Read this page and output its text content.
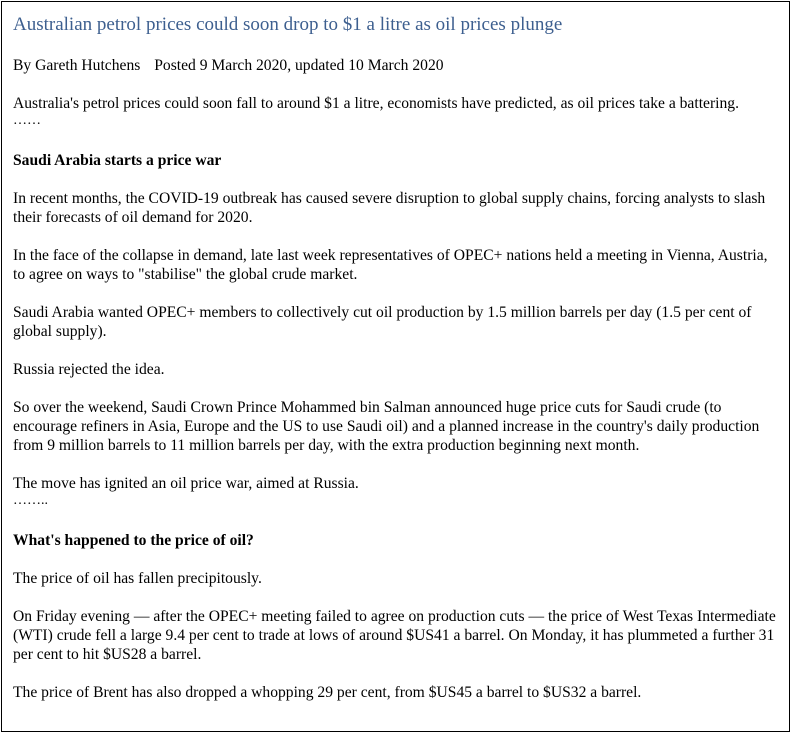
Australian petrol prices could soon drop to $1 a litre as oil prices plunge
By Gareth Hutchens Posted 9 March 2020, updated 10 March 2020

Australia's petrol prices could soon fall to around $1 a litre, economists have predicted, as oil prices take a battering.

……
Saudi Arabia starts a price war

In recent months, the COVID-19 outbreak has caused severe disruption to global supply chains, forcing analysts to slash their forecasts of oil demand for 2020.

In the face of the collapse in demand, late last week representatives of OPEC+ nations held a meeting in Vienna, Austria, to agree on ways to "stabilise" the global crude market.

Saudi Arabia wanted OPEC+ members to collectively cut oil production by 1.5 million barrels per day (1.5 per cent of global supply).

Russia rejected the idea.

So over the weekend, Saudi Crown Prince Mohammed bin Salman announced huge price cuts for Saudi crude (to encourage refiners in Asia, Europe and the US to use Saudi oil) and a planned increase in the country's daily production from 9 million barrels to 11 million barrels per day, with the extra production beginning next month.

The move has ignited an oil price war, aimed at Russia.

……..
What's happened to the price of oil?

The price of oil has fallen precipitously.

On Friday evening — after the OPEC+ meeting failed to agree on production cuts — the price of West Texas Intermediate (WTI) crude fell a large 9.4 per cent to trade at lows of around $US41 a barrel. On Monday, it has plummeted a further 31 per cent to hit $US28 a barrel.

The price of Brent has also dropped a whopping 29 per cent, from $US45 a barrel to $US32 a barrel.
